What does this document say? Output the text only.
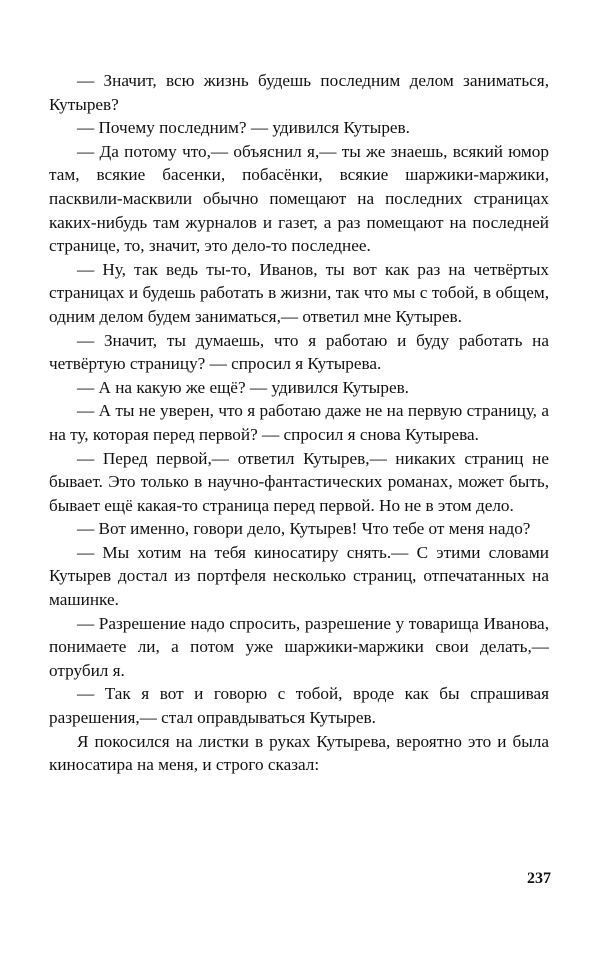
— Значит, всю жизнь будешь последним делом заниматься, Кутырев?

— Почему последним? — удивился Кутырев.

— Да потому что,— объяснил я,— ты же знаешь, всякий юмор там, всякие басенки, побасёнки, всякие шаржики-маржики, пасквили-масквили обычно помещают на последних страницах каких-нибудь там журналов и газет, а раз помещают на последней странице, то, значит, это дело-то последнее.

— Ну, так ведь ты-то, Иванов, ты вот как раз на четвёртых страницах и будешь работать в жизни, так что мы с тобой, в общем, одним делом будем заниматься,— ответил мне Кутырев.

— Значит, ты думаешь, что я работаю и буду работать на четвёртую страницу? — спросил я Кутырева.

— А на какую же ещё? — удивился Кутырев.

— А ты не уверен, что я работаю даже не на первую страницу, а на ту, которая перед первой? — спросил я снова Кутырева.

— Перед первой,— ответил Кутырев,— никаких страниц не бывает. Это только в научно-фантастических романах, может быть, бывает ещё какая-то страница перед первой. Но не в этом дело.

— Вот именно, говори дело, Кутырев! Что тебе от меня надо?

— Мы хотим на тебя киносатиру снять.— С этими словами Кутырев достал из портфеля несколько страниц, отпечатанных на машинке.

— Разрешение надо спросить, разрешение у товарища Иванова, понимаете ли, а потом уже шаржики-маржики свои делать,— отрубил я.

— Так я вот и говорю с тобой, вроде как бы спрашивая разрешения,— стал оправдываться Кутырев.

Я покосился на листки в руках Кутырева, вероятно это и была киносатира на меня, и строго сказал:

237
